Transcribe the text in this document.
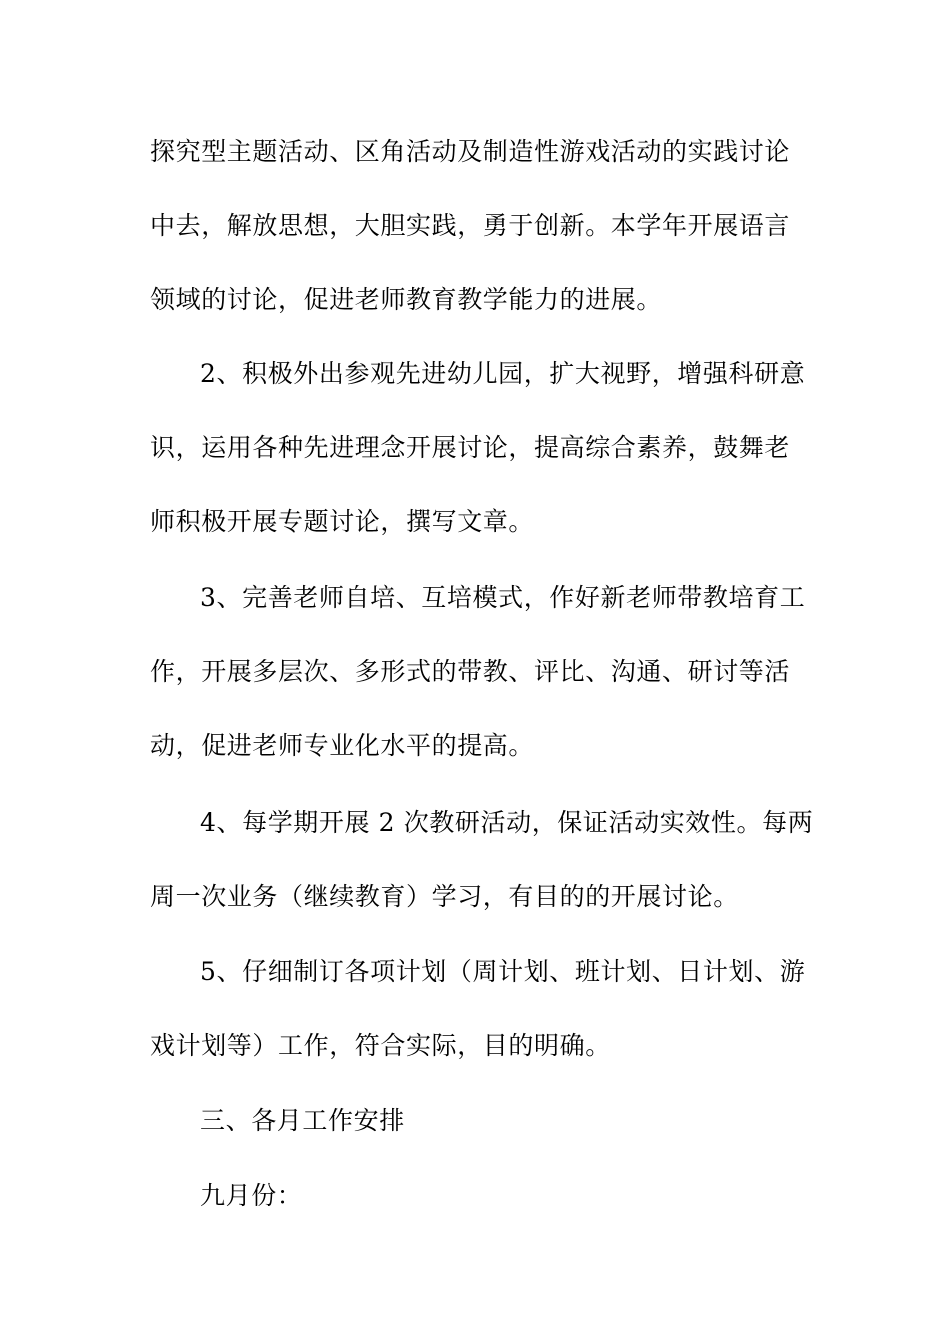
探究型主题活动、区角活动及制造性游戏活动的实践讨论
中去，解放思想，大胆实践，勇于创新。本学年开展语言
领域的讨论，促进老师教育教学能力的进展。
2、积极外出参观先进幼儿园，扩大视野，增强科研意
识，运用各种先进理念开展讨论，提高综合素养，鼓舞老
师积极开展专题讨论，撰写文章。
3、完善老师自培、互培模式，作好新老师带教培育工
作，开展多层次、多形式的带教、评比、沟通、研讨等活
动，促进老师专业化水平的提高。
4、每学期开展 2 次教研活动，保证活动实效性。每两
周一次业务（继续教育）学习，有目的的开展讨论。
5、仔细制订各项计划（周计划、班计划、日计划、游
戏计划等）工作，符合实际，目的明确。
三、各月工作安排
九月份：
